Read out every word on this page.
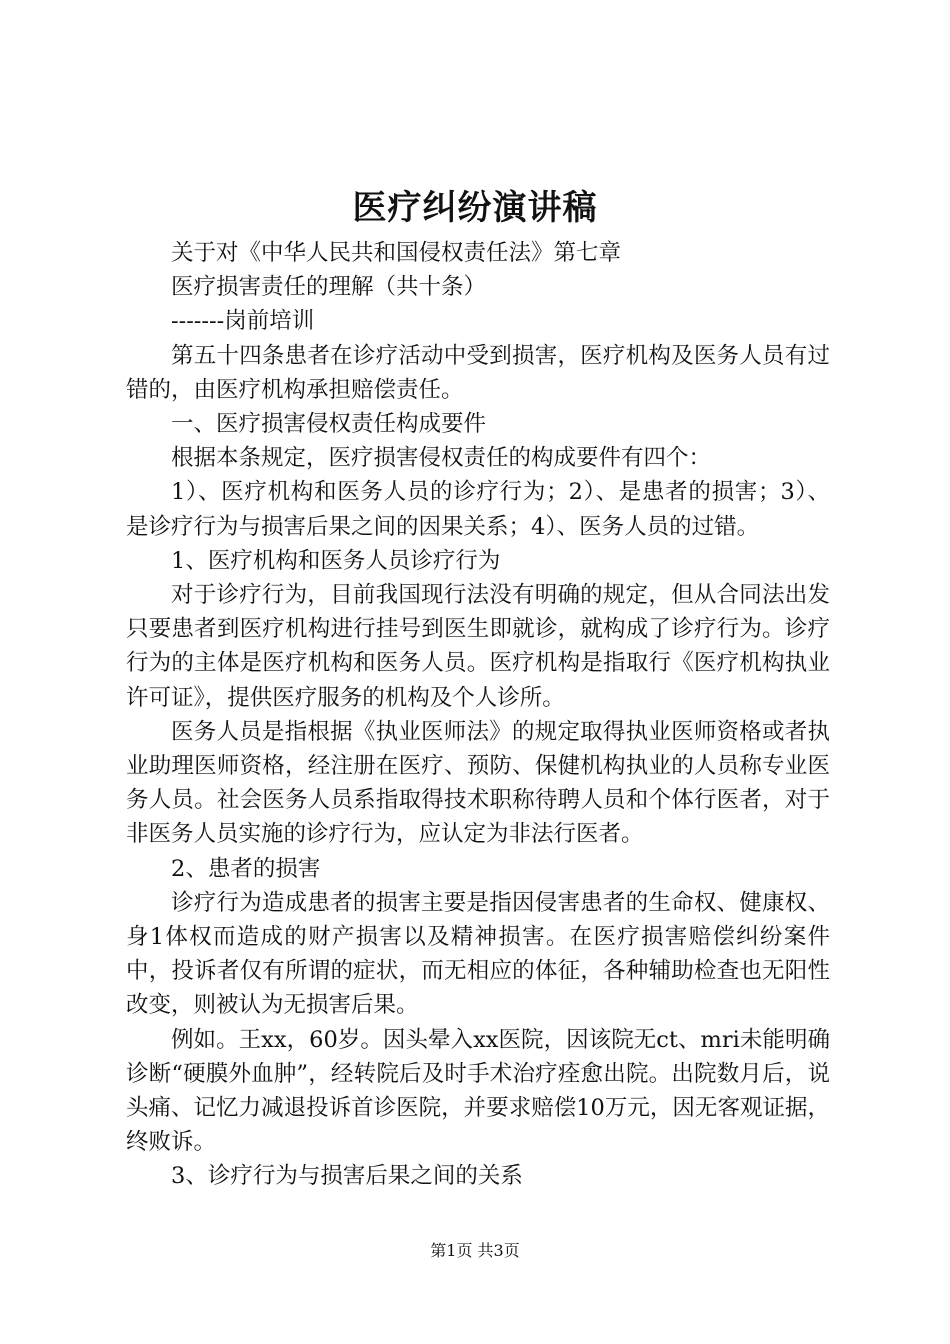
医疗纠纷演讲稿

关于对《中华人民共和国侵权责任法》第七章

医疗损害责任的理解（共十条）

-------岗前培训

第五十四条患者在诊疗活动中受到损害，医疗机构及医务人员有过错的，由医疗机构承担赔偿责任。

一、医疗损害侵权责任构成要件

根据本条规定，医疗损害侵权责任的构成要件有四个：

1）、医疗机构和医务人员的诊疗行为；2）、是患者的损害；3）、是诊疗行为与损害后果之间的因果关系；4）、医务人员的过错。

1、医疗机构和医务人员诊疗行为

对于诊疗行为，目前我国现行法没有明确的规定，但从合同法出发只要患者到医疗机构进行挂号到医生即就诊，就构成了诊疗行为。诊疗行为的主体是医疗机构和医务人员。医疗机构是指取行《医疗机构执业许可证》，提供医疗服务的机构及个人诊所。

医务人员是指根据《执业医师法》的规定取得执业医师资格或者执业助理医师资格，经注册在医疗、预防、保健机构执业的人员称专业医务人员。社会医务人员系指取得技术职称待聘人员和个体行医者，对于非医务人员实施的诊疗行为，应认定为非法行医者。

2、患者的损害

诊疗行为造成患者的损害主要是指因侵害患者的生命权、健康权、身1体权而造成的财产损害以及精神损害。在医疗损害赔偿纠纷案件中，投诉者仅有所谓的症状，而无相应的体征，各种辅助检查也无阳性改变，则被认为无损害后果。

例如。王xx，60岁。因头晕入xx医院，因该院无ct、mri未能明确诊断“硬膜外血肿”，经转院后及时手术治疗痊愈出院。出院数月后，说头痛、记忆力减退投诉首诊医院，并要求赔偿10万元，因无客观证据，终败诉。

3、诊疗行为与损害后果之间的关系

第1页 共3页
